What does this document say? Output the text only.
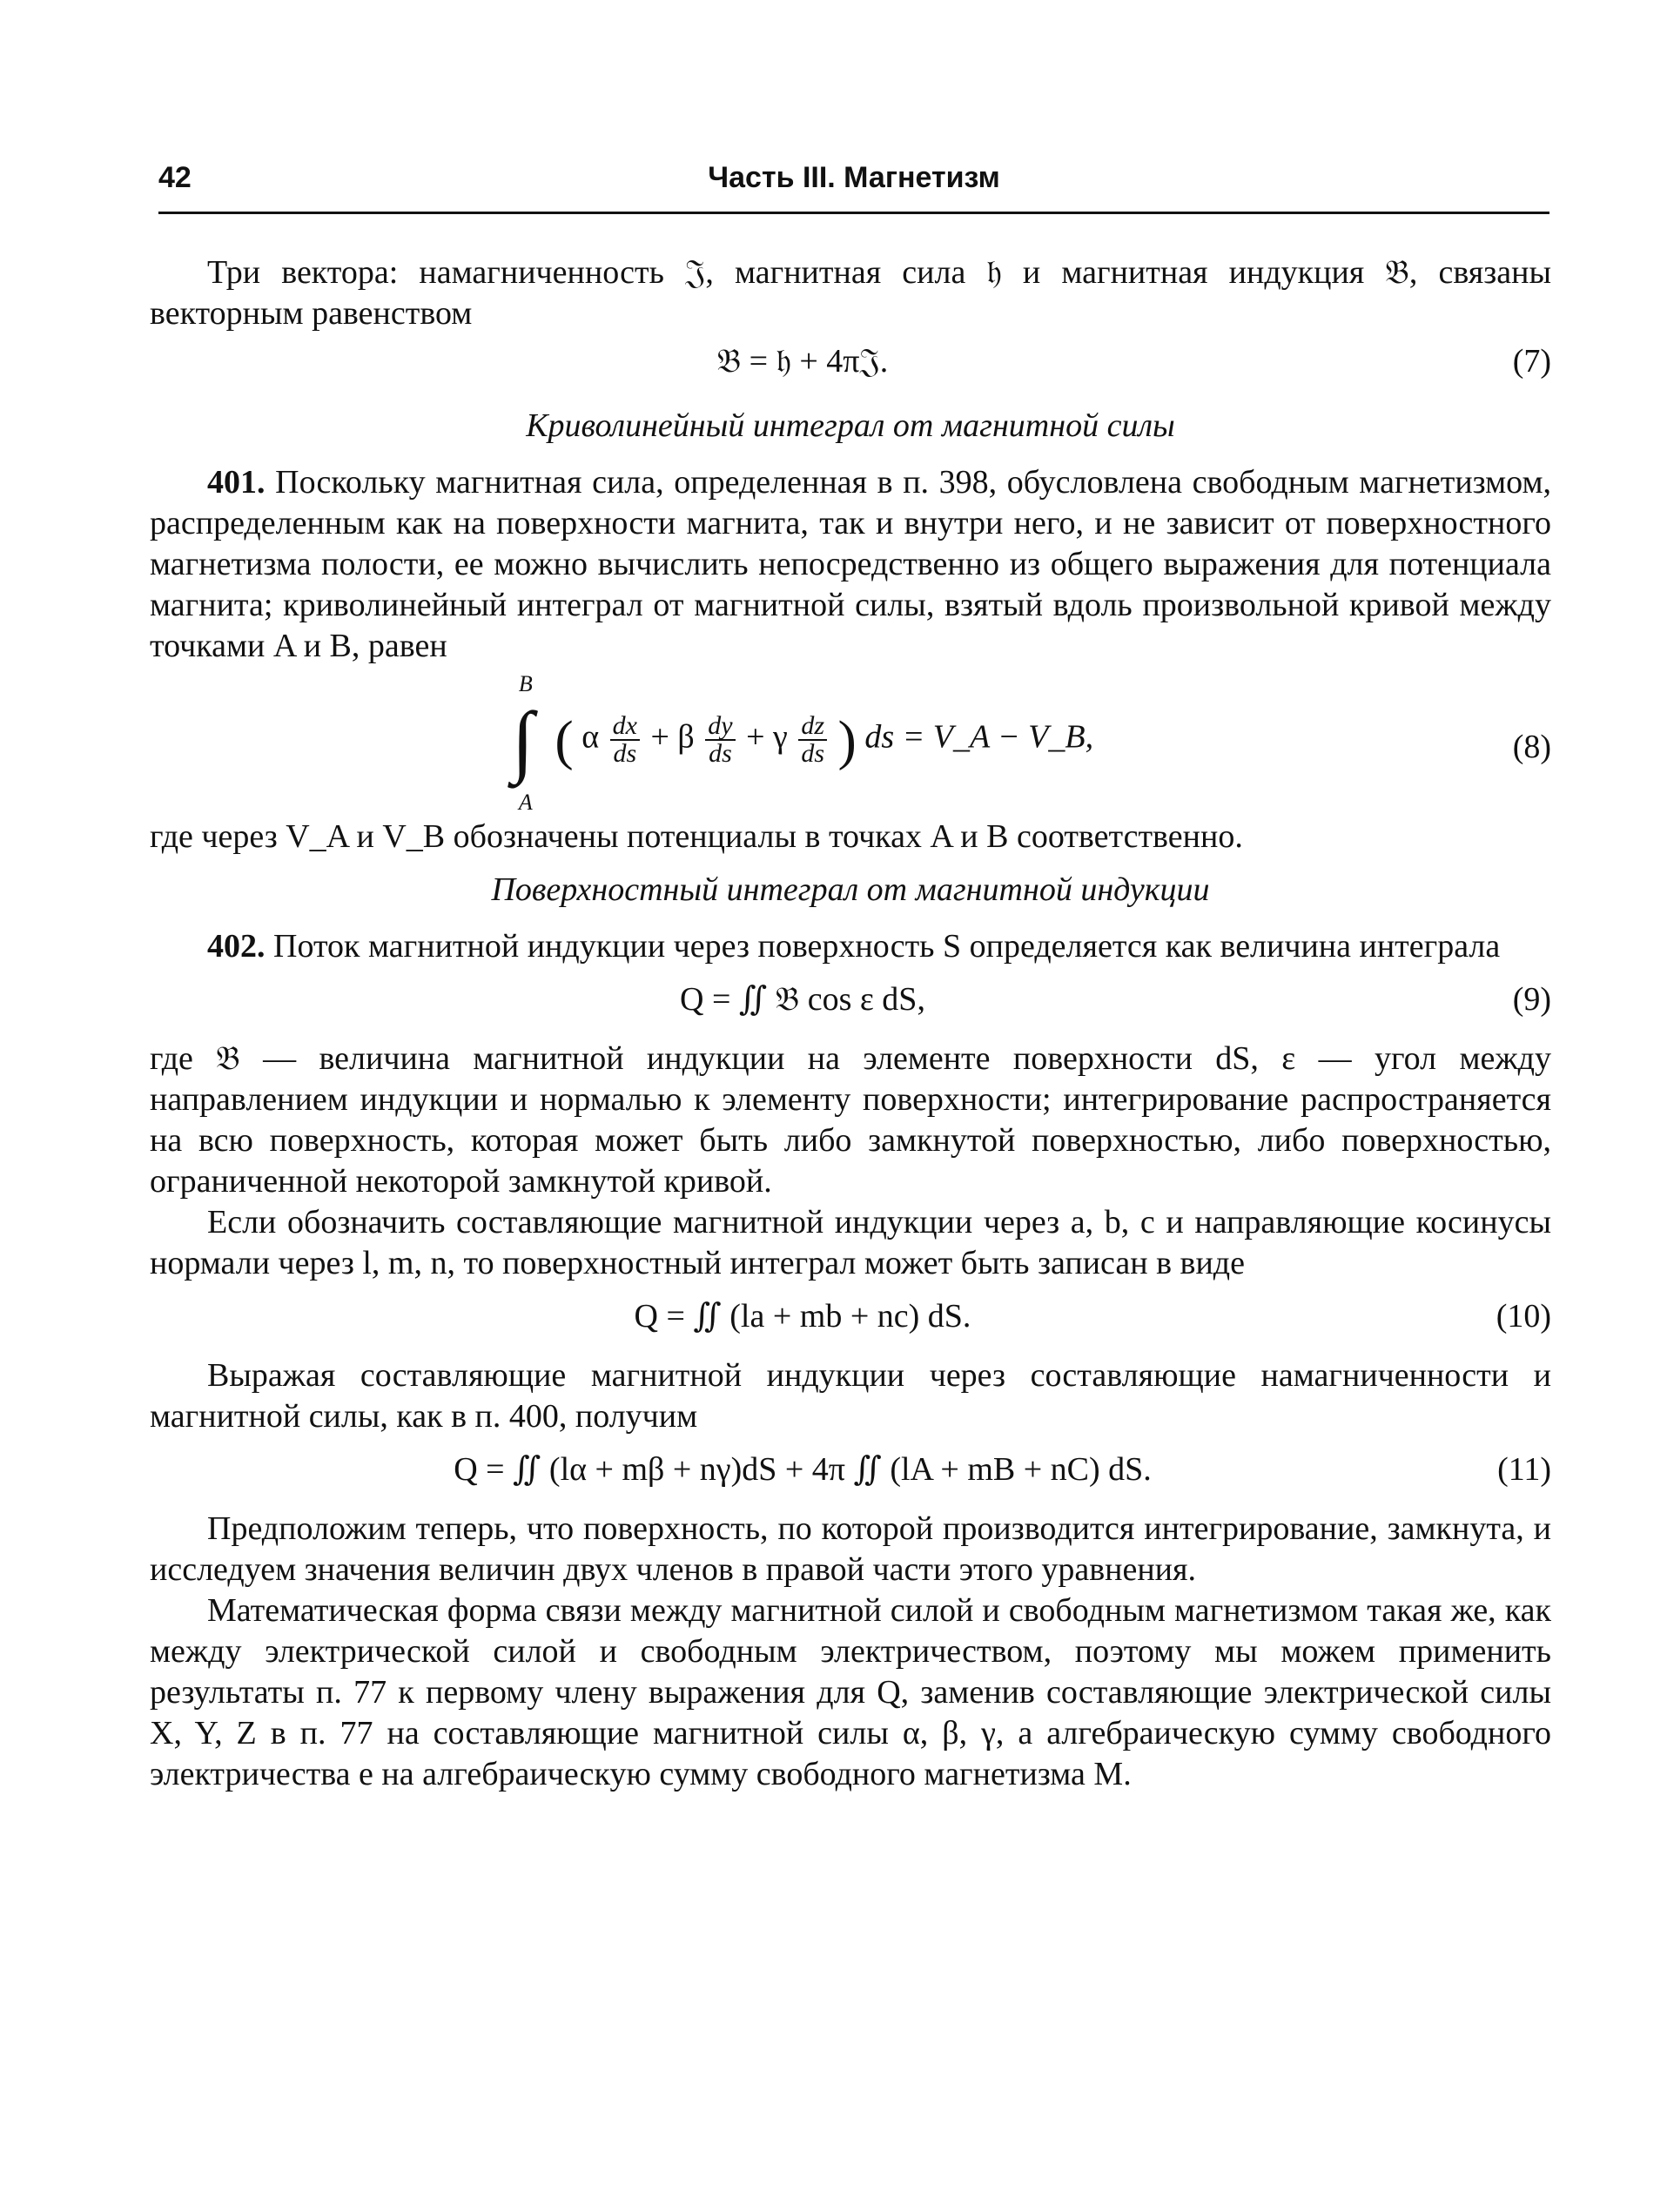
42	Часть III. Магнетизм

Три вектора: намагниченность 𝔍, магнитная сила 𝔥 и магнитная индукция 𝔅, связаны векторным равенством

𝔅 = 𝔥 + 4π𝔍.	(7)
Криволинейный интеграл от магнитной силы

401. Поскольку магнитная сила, определенная в п. 398, обусловлена свободным магнетизмом, распределенным как на поверхности магнита, так и внутри него, и не зависит от поверхностного магнетизма полости, ее можно вычислить непосредственно из общего выражения для потенциала магнита; криволинейный интеграл от магнитной силы, взятый вдоль произвольной кривой между точками A и B, равен

B
∫
A
( α $\frac{dx}{ds} + \beta \frac{dy}{ds} + \gamma \frac{dz}{ds}$ ) ds = V_A − V_B,	(8)

где через V_A и V_B обозначены потенциалы в точках A и B соответственно.

Поверхностный интеграл от магнитной индукции

402. Поток магнитной индукции через поверхность S определяется как величина интеграла

Q = ∬ 𝔅 cos ε dS,	(9)

где 𝔅 — величина магнитной индукции на элементе поверхности dS, ε — угол между направлением индукции и нормалью к элементу поверхности; интегрирование распространяется на всю поверхность, которая может быть либо замкнутой поверхностью, либо поверхностью, ограниченной некоторой замкнутой кривой.

Если обозначить составляющие магнитной индукции через a, b, c и направляющие косинусы нормали через l, m, n, то поверхностный интеграл может быть записан в виде

Q = ∬ (la + mb + nc) dS.	(10)

Выражая составляющие магнитной индукции через составляющие намагниченности и магнитной силы, как в п. 400, получим

Q = ∬ (lα + mβ + nγ)dS + 4π ∬ (lA + mB + nC) dS.	(11)

Предположим теперь, что поверхность, по которой производится интегрирование, замкнута, и исследуем значения величин двух членов в правой части этого уравнения.

Математическая форма связи между магнитной силой и свободным магнетизмом такая же, как между электрической силой и свободным электричеством, поэтому мы можем применить результаты п. 77 к первому члену выражения для Q, заменив составляющие электрической силы X, Y, Z в п. 77 на составляющие магнитной силы α, β, γ, а алгебраическую сумму свободного электричества e на алгебраическую сумму свободного магнетизма M.
